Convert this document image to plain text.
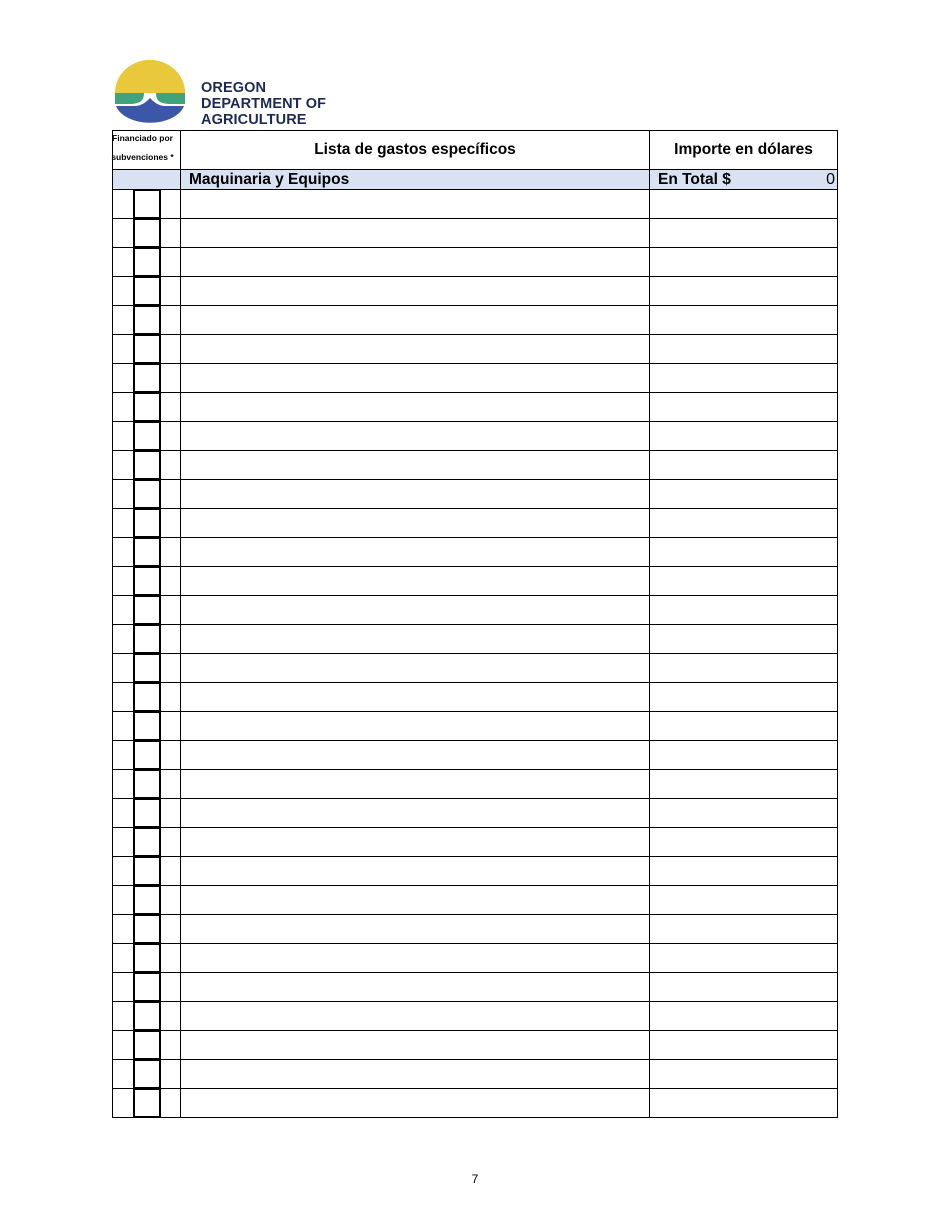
OREGON
DEPARTMENT OF
AGRICULTURE
Financiado por
subvenciones *	Lista de gastos específicos	Importe en dólares
	Maquinaria y Equipos	En Total $ 0

7
